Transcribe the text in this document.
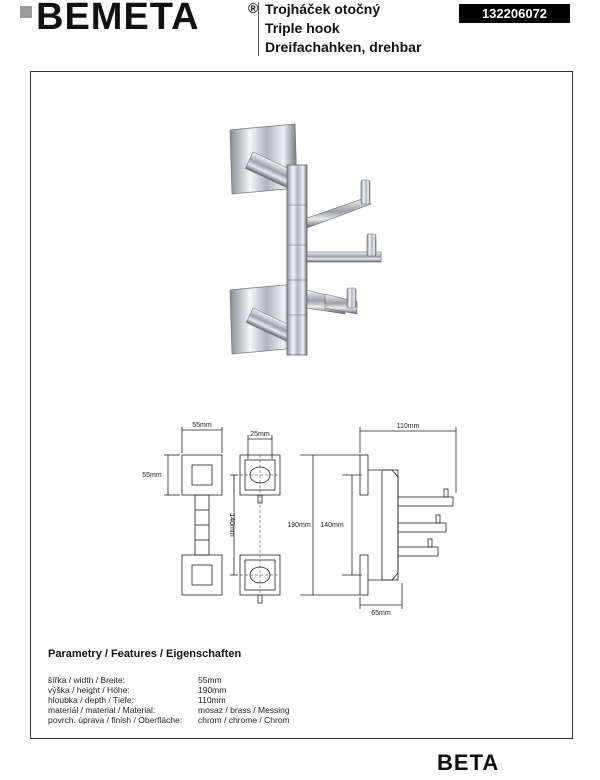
BEMETA	® Trojháček otočný
Triple hook
Dreifachahken, drehbar
132206072
55mm
55mm
25mm
140mm	190mm 140mm
110mm
65mm
Parametry / Features / Eigenschaften
šířka / width / Breite:	55mm
výška / height / Höhe:	190mm
hloubka / depth / Tiefe:	110mm
materiál / material / Material:	mosaz / brass / Messing
povrch. úprava / finish / Oberfläche:	chrom / chrome / Chrom
BETA
